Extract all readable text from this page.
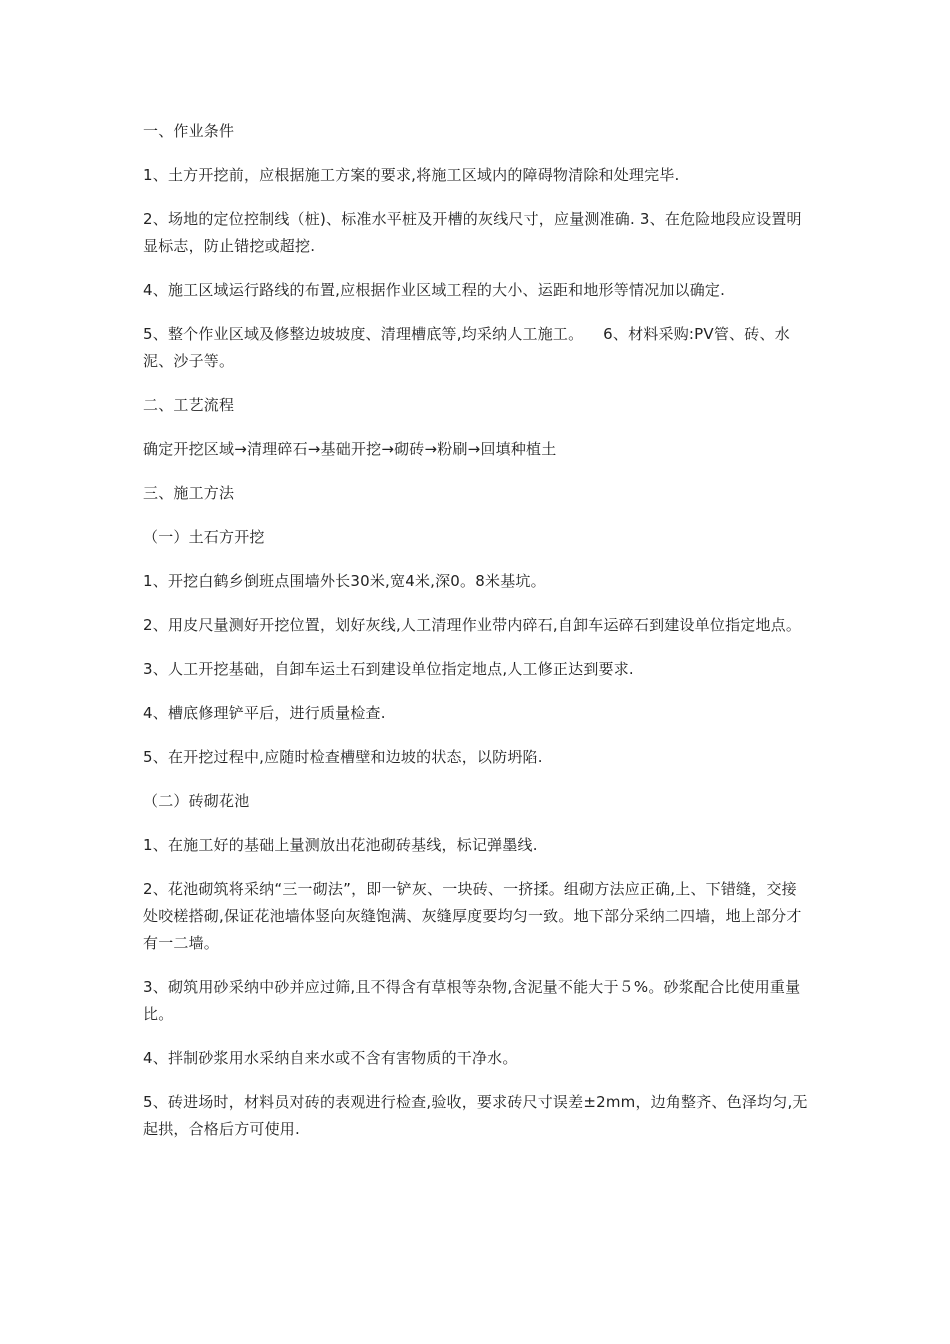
一、作业条件

1、土方开挖前，应根据施工方案的要求,将施工区域内的障碍物清除和处理完毕.

2、场地的定位控制线（桩)、标准水平桩及开槽的灰线尺寸，应量测准确. 3、在危险地段应设置明显标志，防止错挖或超挖.

4、施工区域运行路线的布置,应根据作业区域工程的大小、运距和地形等情况加以确定.

5、整个作业区域及修整边坡坡度、清理槽底等,均采纳人工施工。    6、材料采购:PV管、砖、水泥、沙子等。

二、工艺流程

确定开挖区域→清理碎石→基础开挖→砌砖→粉刷→回填种植土

三、施工方法

（一）土石方开挖

1、开挖白鹤乡倒班点围墙外长30米,宽4米,深0。8米基坑。

2、用皮尺量测好开挖位置，划好灰线,人工清理作业带内碎石,自卸车运碎石到建设单位指定地点。

3、人工开挖基础，自卸车运土石到建设单位指定地点,人工修正达到要求.

4、槽底修理铲平后，进行质量检查.

5、在开挖过程中,应随时检查槽壁和边坡的状态，以防坍陷.

（二）砖砌花池

1、在施工好的基础上量测放出花池砌砖基线，标记弹墨线.

2、花池砌筑将采纳“三一砌法”，即一铲灰、一块砖、一挤揉。组砌方法应正确,上、下错缝，交接处咬槎搭砌,保证花池墙体竖向灰缝饱满、灰缝厚度要均匀一致。地下部分采纳二四墙，地上部分才有一二墙。

3、砌筑用砂采纳中砂并应过筛,且不得含有草根等杂物,含泥量不能大于５%。砂浆配合比使用重量比。

4、拌制砂浆用水采纳自来水或不含有害物质的干净水。

5、砖进场时，材料员对砖的表观进行检查,验收，要求砖尺寸误差±2mm，边角整齐、色泽均匀,无起拱，合格后方可使用.
